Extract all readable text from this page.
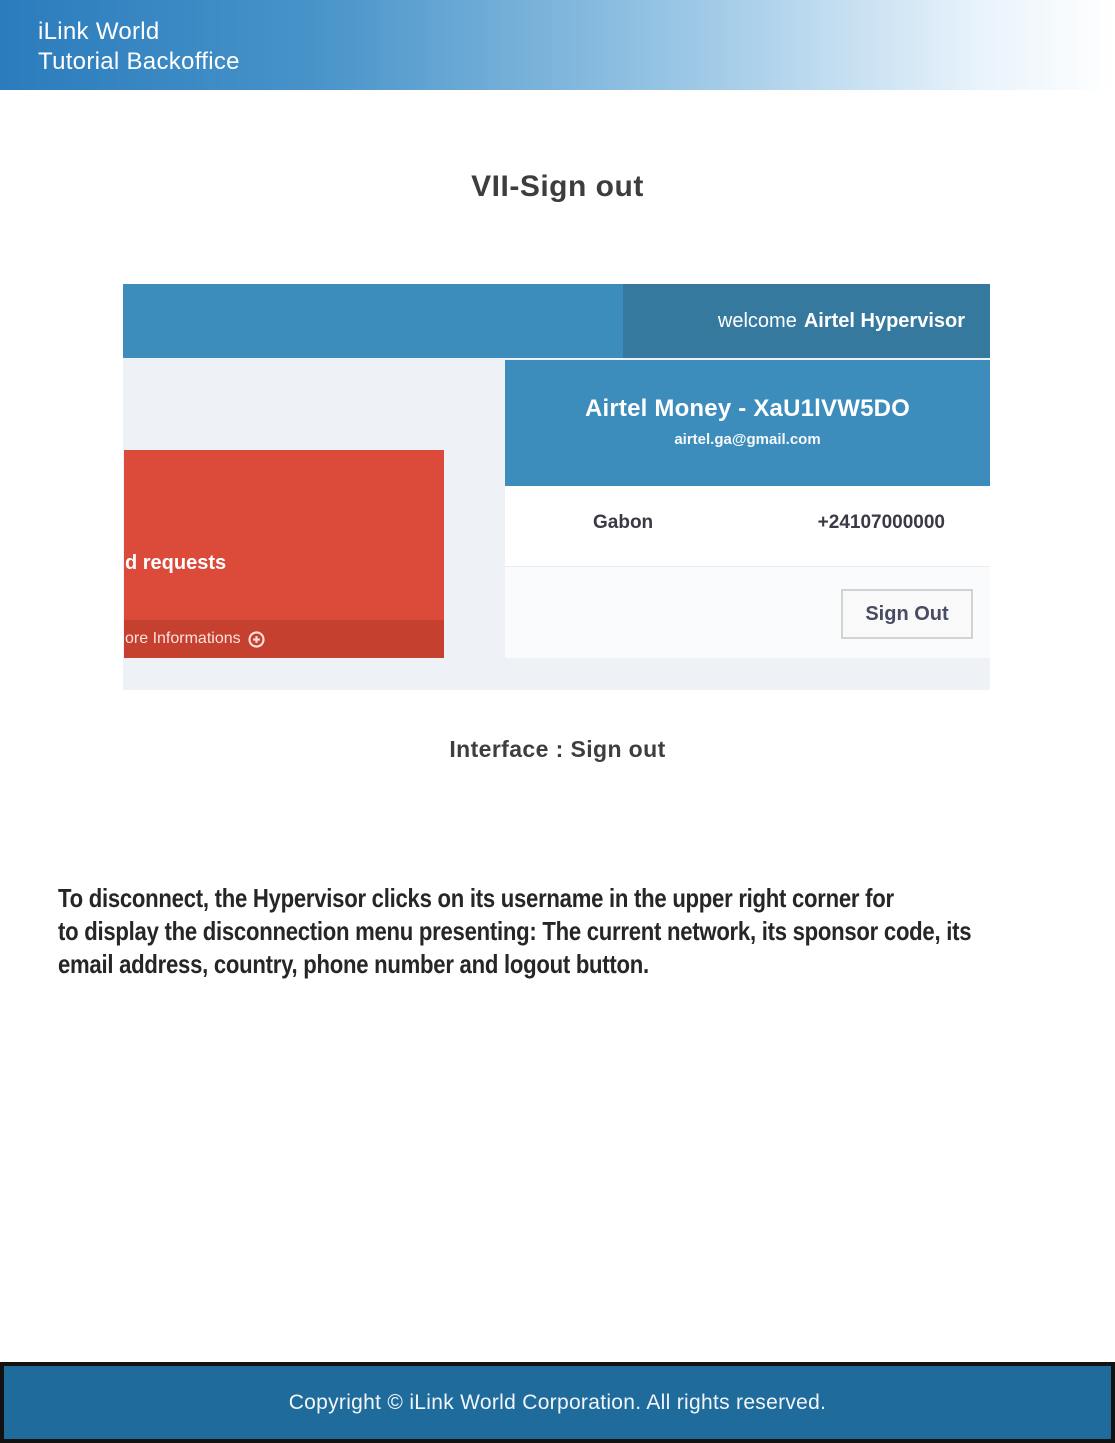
iLink World
Tutorial Backoffice
VII-Sign out
welcome Airtel Hypervisor
d requests
ore Informations
Airtel Money - XaU1lVW5DO
airtel.ga@gmail.com
Gabon	+24107000000
Sign Out
Interface : Sign out
To disconnect, the Hypervisor clicks on its username in the upper right corner for
to display the disconnection menu presenting: The current network, its sponsor code, its
email address, country, phone number and logout button.
Copyright © iLink World Corporation. All rights reserved.
